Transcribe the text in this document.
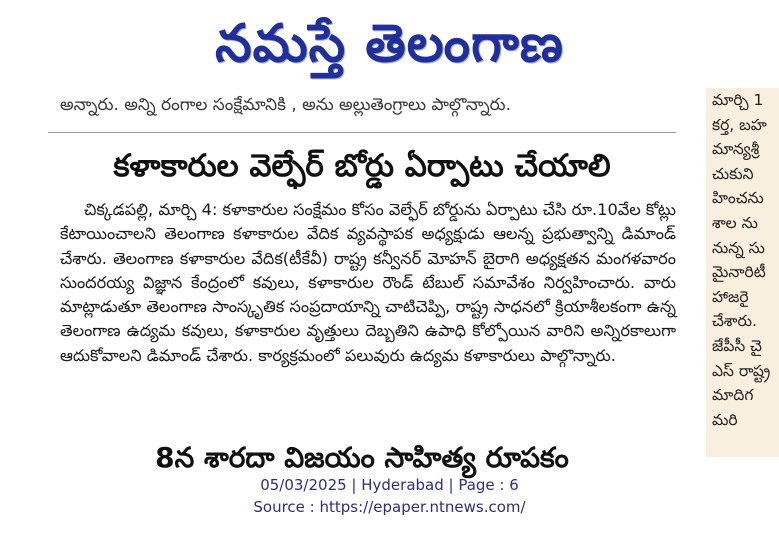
నమస్తే తెలంగాణ
అన్నారు. అన్ని రంగాల సంక్షేమానికి , అను అల్లుతెంగ్రాలు పాల్గొన్నారు.
కళాకారుల వెల్ఫేర్ బోర్డు ఏర్పాటు చేయాలి
చిక్కడపల్లి, మార్చి 4: కళాకారుల సంక్షేమం కోసం వెల్ఫేర్ బోర్డును ఏర్పాటు చేసి రూ.10వేల కోట్లు కేటాయించాలని తెలంగాణ కళాకారుల వేదిక వ్యవస్థాపక అధ్యక్షుడు ఆలన్న ప్రభుత్వాన్ని డిమాండ్ చేశారు. తెలంగాణ కళాకారుల వేదిక(టీకేవీ) రాష్ట్ర కన్వీనర్ మోహన్ బైరాగి అధ్యక్షతన మంగళవారం సుందరయ్య విజ్ఞాన కేంద్రంలో కవులు, కళాకారుల రౌండ్ టేబుల్ సమావేశం నిర్వహించారు. వారు మాట్లాడుతూ తెలంగాణ సాంస్కృతిక సంప్రదాయాన్ని చాటిచెప్పి, రాష్ట్ర సాధనలో క్రియాశీలకంగా ఉన్న తెలంగాణ ఉద్యమ కవులు, కళాకారుల వృత్తులు దెబ్బతిని ఉపాధి కోల్పోయిన వారిని అన్నిరకాలుగా ఆదుకోవాలని డిమాండ్ చేశారు. కార్యక్రమంలో పలువురు ఉద్యమ కళాకారులు పాల్గొన్నారు.
8న శారదా విజయం సాహిత్య రూపకం
మార్చి 1
కర్త, బహ
మాన్యశ్రీ
చుకుని
హించను
శాల ను
నున్న సు
మైనారిటీ
హాజరై
చేశారు.
జేపీసీ చై
ఎస్ రాష్ట్ర
మాదిగ
మరి
05/03/2025 | Hyderabad | Page : 6
Source : https://epaper.ntnews.com/
